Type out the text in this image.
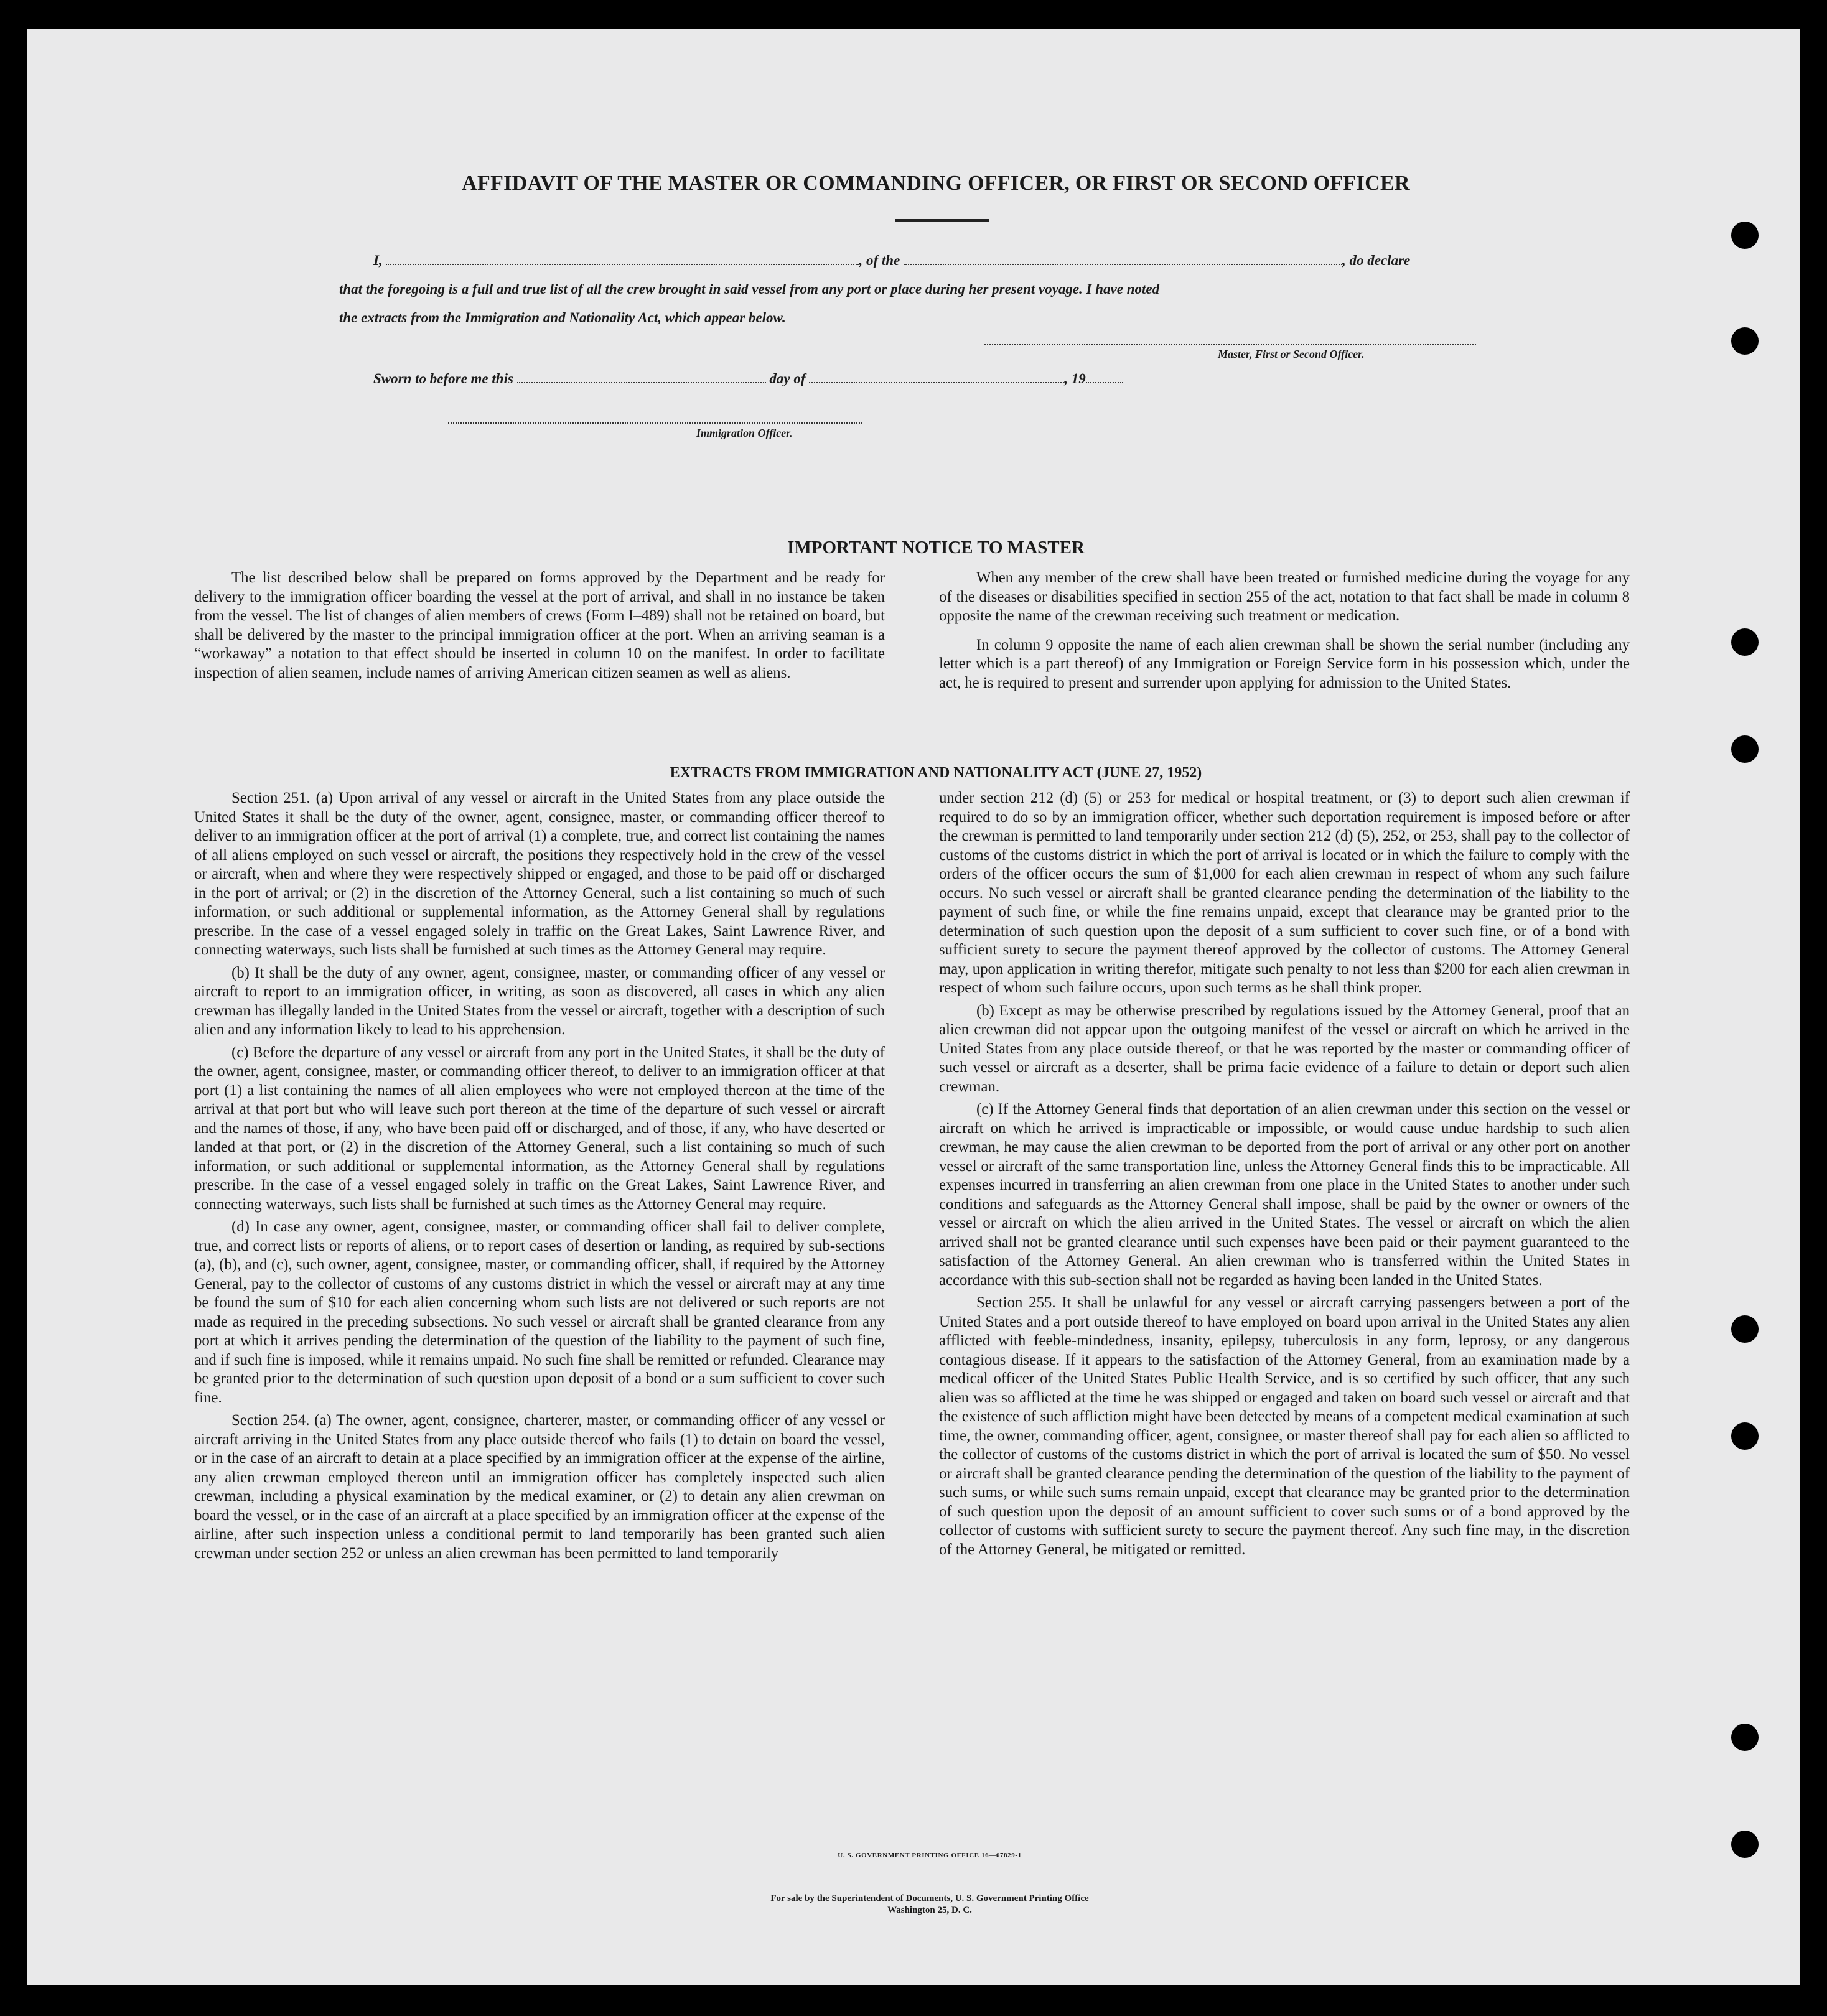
AFFIDAVIT OF THE MASTER OR COMMANDING OFFICER, OR FIRST OR SECOND OFFICER
I,	, of the	, do declare
that the foregoing is a full and true list of all the crew brought in said vessel from any port or place during her present voyage. I have noted
the extracts from the Immigration and Nationality Act, which appear below.
Master, First or Second Officer.
Sworn to before me this	day of	, 19
Immigration Officer.
IMPORTANT NOTICE TO MASTER

The list described below shall be prepared on forms approved by the Department and be ready for delivery to the immigration officer boarding the vessel at the port of arrival, and shall in no instance be taken from the vessel. The list of changes of alien members of crews (Form I–489) shall not be retained on board, but shall be delivered by the master to the principal immigration officer at the port. When an arriving seaman is a “workaway” a notation to that effect should be inserted in column 10 on the manifest. In order to facilitate inspection of alien seamen, include names of arriving American citizen seamen as well as aliens.

When any member of the crew shall have been treated or furnished medicine during the voyage for any of the diseases or disabilities specified in section 255 of the act, notation to that fact shall be made in column 8 opposite the name of the crewman receiving such treatment or medication.

In column 9 opposite the name of each alien crewman shall be shown the serial number (including any letter which is a part thereof) of any Immigration or Foreign Service form in his possession which, under the act, he is required to present and surrender upon applying for admission to the United States.

EXTRACTS FROM IMMIGRATION AND NATIONALITY ACT (JUNE 27, 1952)

Section 251. (a) Upon arrival of any vessel or aircraft in the United States from any place outside the United States it shall be the duty of the owner, agent, consignee, master, or commanding officer thereof to deliver to an immigration officer at the port of arrival (1) a complete, true, and correct list containing the names of all aliens employed on such vessel or aircraft, the positions they respectively hold in the crew of the vessel or aircraft, when and where they were respectively shipped or engaged, and those to be paid off or discharged in the port of arrival; or (2) in the discretion of the Attorney General, such a list containing so much of such information, or such additional or supplemental information, as the Attorney General shall by regulations prescribe. In the case of a vessel engaged solely in traffic on the Great Lakes, Saint Lawrence River, and connecting waterways, such lists shall be furnished at such times as the Attorney General may require.

(b) It shall be the duty of any owner, agent, consignee, master, or commanding officer of any vessel or aircraft to report to an immigration officer, in writing, as soon as discovered, all cases in which any alien crewman has illegally landed in the United States from the vessel or aircraft, together with a description of such alien and any information likely to lead to his apprehension.

(c) Before the departure of any vessel or aircraft from any port in the United States, it shall be the duty of the owner, agent, consignee, master, or commanding officer thereof, to deliver to an immigration officer at that port (1) a list containing the names of all alien employees who were not employed thereon at the time of the arrival at that port but who will leave such port thereon at the time of the departure of such vessel or aircraft and the names of those, if any, who have been paid off or discharged, and of those, if any, who have deserted or landed at that port, or (2) in the discretion of the Attorney General, such a list containing so much of such information, or such additional or supplemental information, as the Attorney General shall by regulations prescribe. In the case of a vessel engaged solely in traffic on the Great Lakes, Saint Lawrence River, and connecting waterways, such lists shall be furnished at such times as the Attorney General may require.

(d) In case any owner, agent, consignee, master, or commanding officer shall fail to deliver complete, true, and correct lists or reports of aliens, or to report cases of desertion or landing, as required by sub-sections (a), (b), and (c), such owner, agent, consignee, master, or commanding officer, shall, if required by the Attorney General, pay to the collector of customs of any customs district in which the vessel or aircraft may at any time be found the sum of $10 for each alien concerning whom such lists are not delivered or such reports are not made as required in the preceding subsections. No such vessel or aircraft shall be granted clearance from any port at which it arrives pending the determination of the question of the liability to the payment of such fine, and if such fine is imposed, while it remains unpaid. No such fine shall be remitted or refunded. Clearance may be granted prior to the determination of such question upon deposit of a bond or a sum sufficient to cover such fine.

Section 254. (a) The owner, agent, consignee, charterer, master, or commanding officer of any vessel or aircraft arriving in the United States from any place outside thereof who fails (1) to detain on board the vessel, or in the case of an aircraft to detain at a place specified by an immigration officer at the expense of the airline, any alien crewman employed thereon until an immigration officer has completely inspected such alien crewman, including a physical examination by the medical examiner, or (2) to detain any alien crewman on board the vessel, or in the case of an aircraft at a place specified by an immigration officer at the expense of the airline, after such inspection unless a conditional permit to land temporarily has been granted such alien crewman under section 252 or unless an alien crewman has been permitted to land temporarily

under section 212 (d) (5) or 253 for medical or hospital treatment, or (3) to deport such alien crewman if required to do so by an immigration officer, whether such deportation requirement is imposed before or after the crewman is permitted to land temporarily under section 212 (d) (5), 252, or 253, shall pay to the collector of customs of the customs district in which the port of arrival is located or in which the failure to comply with the orders of the officer occurs the sum of $1,000 for each alien crewman in respect of whom any such failure occurs. No such vessel or aircraft shall be granted clearance pending the determination of the liability to the payment of such fine, or while the fine remains unpaid, except that clearance may be granted prior to the determination of such question upon the deposit of a sum sufficient to cover such fine, or of a bond with sufficient surety to secure the payment thereof approved by the collector of customs. The Attorney General may, upon application in writing therefor, mitigate such penalty to not less than $200 for each alien crewman in respect of whom such failure occurs, upon such terms as he shall think proper.

(b) Except as may be otherwise prescribed by regulations issued by the Attorney General, proof that an alien crewman did not appear upon the outgoing manifest of the vessel or aircraft on which he arrived in the United States from any place outside thereof, or that he was reported by the master or commanding officer of such vessel or aircraft as a deserter, shall be prima facie evidence of a failure to detain or deport such alien crewman.

(c) If the Attorney General finds that deportation of an alien crewman under this section on the vessel or aircraft on which he arrived is impracticable or impossible, or would cause undue hardship to such alien crewman, he may cause the alien crewman to be deported from the port of arrival or any other port on another vessel or aircraft of the same transportation line, unless the Attorney General finds this to be impracticable. All expenses incurred in transferring an alien crewman from one place in the United States to another under such conditions and safeguards as the Attorney General shall impose, shall be paid by the owner or owners of the vessel or aircraft on which the alien arrived in the United States. The vessel or aircraft on which the alien arrived shall not be granted clearance until such expenses have been paid or their payment guaranteed to the satisfaction of the Attorney General. An alien crewman who is transferred within the United States in accordance with this sub-section shall not be regarded as having been landed in the United States.

Section 255. It shall be unlawful for any vessel or aircraft carrying passengers between a port of the United States and a port outside thereof to have employed on board upon arrival in the United States any alien afflicted with feeble-mindedness, insanity, epilepsy, tuberculosis in any form, leprosy, or any dangerous contagious disease. If it appears to the satisfaction of the Attorney General, from an examination made by a medical officer of the United States Public Health Service, and is so certified by such officer, that any such alien was so afflicted at the time he was shipped or engaged and taken on board such vessel or aircraft and that the existence of such affliction might have been detected by means of a competent medical examination at such time, the owner, commanding officer, agent, consignee, or master thereof shall pay for each alien so afflicted to the collector of customs of the customs district in which the port of arrival is located the sum of $50. No vessel or aircraft shall be granted clearance pending the determination of the question of the liability to the payment of such sums, or while such sums remain unpaid, except that clearance may be granted prior to the determination of such question upon the deposit of an amount sufficient to cover such sums or of a bond approved by the collector of customs with sufficient surety to secure the payment thereof. Any such fine may, in the discretion of the Attorney General, be mitigated or remitted.

U. S. GOVERNMENT PRINTING OFFICE 16—67829-1
For sale by the Superintendent of Documents, U. S. Government Printing Office
Washington 25, D. C.
